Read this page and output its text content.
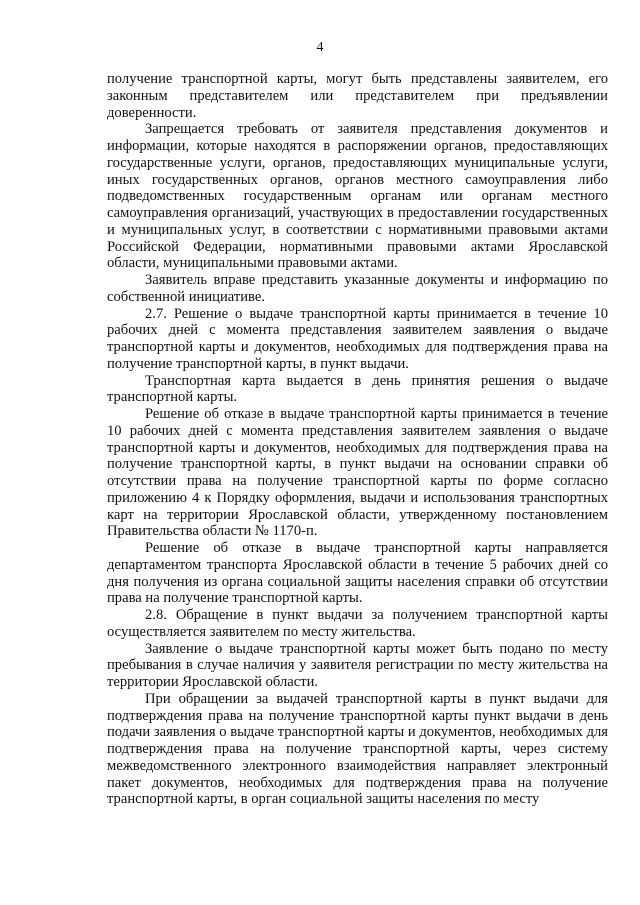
4

получение транспортной карты, могут быть представлены заявителем, его законным представителем или представителем при предъявлении доверенности.

Запрещается требовать от заявителя представления документов и информации, которые находятся в распоряжении органов, предоставляющих государственные услуги, органов, предоставляющих муниципальные услуги, иных государственных органов, органов местного самоуправления либо подведомственных государственным органам или органам местного самоуправления организаций, участвующих в предоставлении государственных и муниципальных услуг, в соответствии с нормативными правовыми актами Российской Федерации, нормативными правовыми актами Ярославской области, муниципальными правовыми актами.

Заявитель вправе представить указанные документы и информацию по собственной инициативе.

2.7. Решение о выдаче транспортной карты принимается в течение 10 рабочих дней с момента представления заявителем заявления о выдаче транспортной карты и документов, необходимых для подтверждения права на получение транспортной карты, в пункт выдачи.

Транспортная карта выдается в день принятия решения о выдаче транспортной карты.

Решение об отказе в выдаче транспортной карты принимается в течение 10 рабочих дней с момента представления заявителем заявления о выдаче транспортной карты и документов, необходимых для подтверждения права на получение транспортной карты, в пункт выдачи на основании справки об отсутствии права на получение транспортной карты по форме согласно приложению 4 к Порядку оформления, выдачи и использования транспортных карт на территории Ярославской области, утвержденному постановлением Правительства области № 1170-п.

Решение об отказе в выдаче транспортной карты направляется департаментом транспорта Ярославской области в течение 5 рабочих дней со дня получения из органа социальной защиты населения справки об отсутствии права на получение транспортной карты.

2.8. Обращение в пункт выдачи за получением транспортной карты осуществляется заявителем по месту жительства.

Заявление о выдаче транспортной карты может быть подано по месту пребывания в случае наличия у заявителя регистрации по месту жительства на территории Ярославской области.

При обращении за выдачей транспортной карты в пункт выдачи для подтверждения права на получение транспортной карты пункт выдачи в день подачи заявления о выдаче транспортной карты и документов, необходимых для подтверждения права на получение транспортной карты, через систему межведомственного электронного взаимодействия направляет электронный пакет документов, необходимых для подтверждения права на получение транспортной карты, в орган социальной защиты населения по месту
